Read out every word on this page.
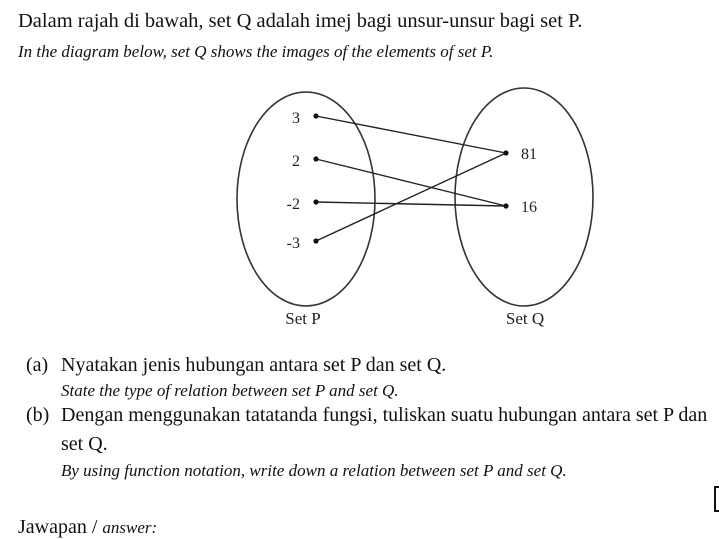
Dalam rajah di bawah, set Q adalah imej bagi unsur-unsur bagi set P.
In the diagram below, set Q shows the images of the elements of set P.
3
2
-2
-3
81
16
Set P	Set Q
(a) Nyatakan jenis hubungan antara set P dan set Q.
State the type of relation between set P and set Q.
(b) Dengan menggunakan tatatanda fungsi, tuliskan suatu hubungan antara set P dan
set Q.
By using function notation, write down a relation between set P and set Q.
Jawapan / answer:
